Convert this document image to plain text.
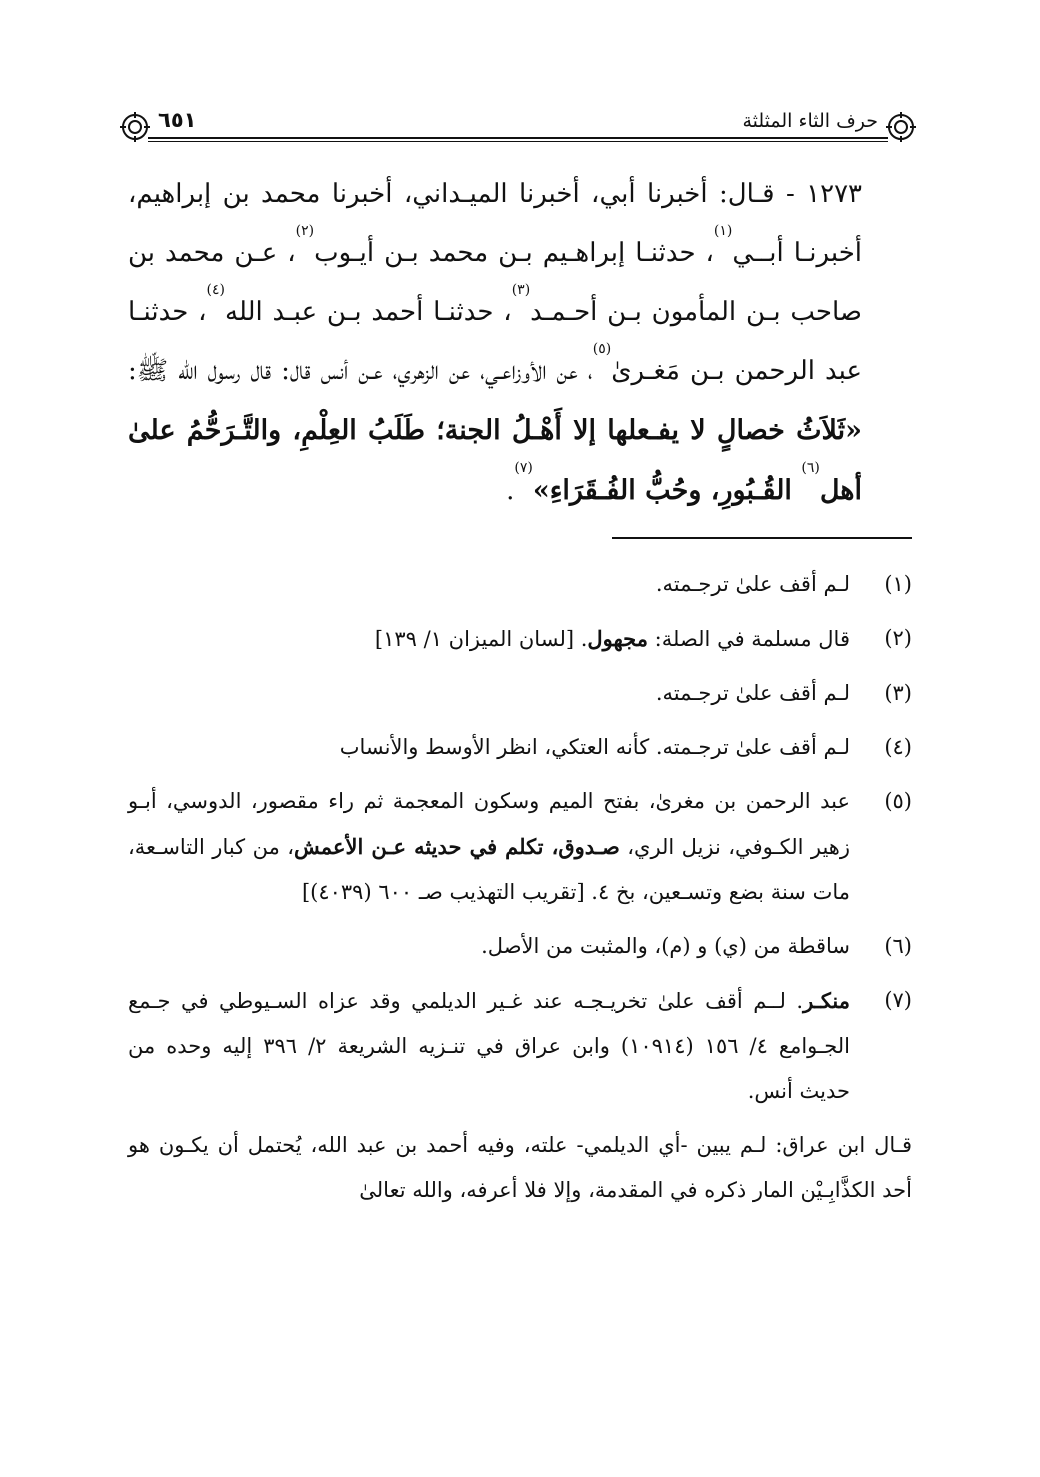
٦٥١	حرف الثاء المثلثة

١٢٧٣ - قـال: أخبرنا أبي، أخبرنا الميـداني، أخبرنا محمد بن إبراهيم، أخبرنـا أبــي$^{(١)}$، حدثنـا إبراهـيم بـن محمد بـن أيـوب$^{(٢)}$، عـن محمد بن صاحب بـن المأمون بـن أحـمـد$^{(٣)}$، حدثنـا أحمد بـن عبـد الله$^{(٤)}$، حدثنـا عبد الرحمن بـن مَغـرىٰ$^{(٥)}$، عن الأوزاعـي، عن الزهري، عـن أنس قال: قال رسول الله ﷺ: «ثَلاَثُ خصالٍ لا يفـعلها إلا أَهْـلُ الجنة؛ طَلَبُ العِلْمِ، والتَّـرَحُّمُ علىٰ أهل$^{(٦)}$ القُـبُورِ، وحُبُّ الفُـقَرَاءِ»$^{(٧)}$.

(١)
لـم أقف علىٰ ترجـمته.
(٢)
قال مسلمة في الصلة: مجهول. [لسان الميزان ١/ ١٣٩]
(٣)
لـم أقف علىٰ ترجـمته.
(٤)
لـم أقف علىٰ ترجـمته. كأنه العتكي، انظر الأوسط والأنساب
(٥)
عبد الرحمن بن مغرىٰ، بفتح الميم وسكون المعجمة ثم راء مقصور، الدوسي، أبـو زهير الكـوفي، نزيل الري، صـدوق، تكلم في حديثه عـن الأعمش، من كبار التاسـعة، مات سنة بضع وتسـعين، بخ ٤. [تقريب التهذيب صـ ٦٠٠ (٤٠٣٩)]
(٦)
ساقطة من (ي) و (م)، والمثبت من الأصل.
(٧)
منكـر. لــم أقف علىٰ تخريـجـه عند غـير الديلمي وقد عزاه السـيوطي في جـمع الجـوامع ٤/ ١٥٦ (١٠٩١٤) وابن عراق في تنـزيه الشريعة ٢/ ٣٩٦ إليه وحده من حديث أنس.

قـال ابن عراق: لـم يبين -أي الديلمي- علته، وفيه أحمد بن عبد الله، يُحتمل أن يكـون هو أحد الكذَّابِـيْن المار ذكره في المقدمة، وإلا فلا أعرفه، والله تعالىٰ
